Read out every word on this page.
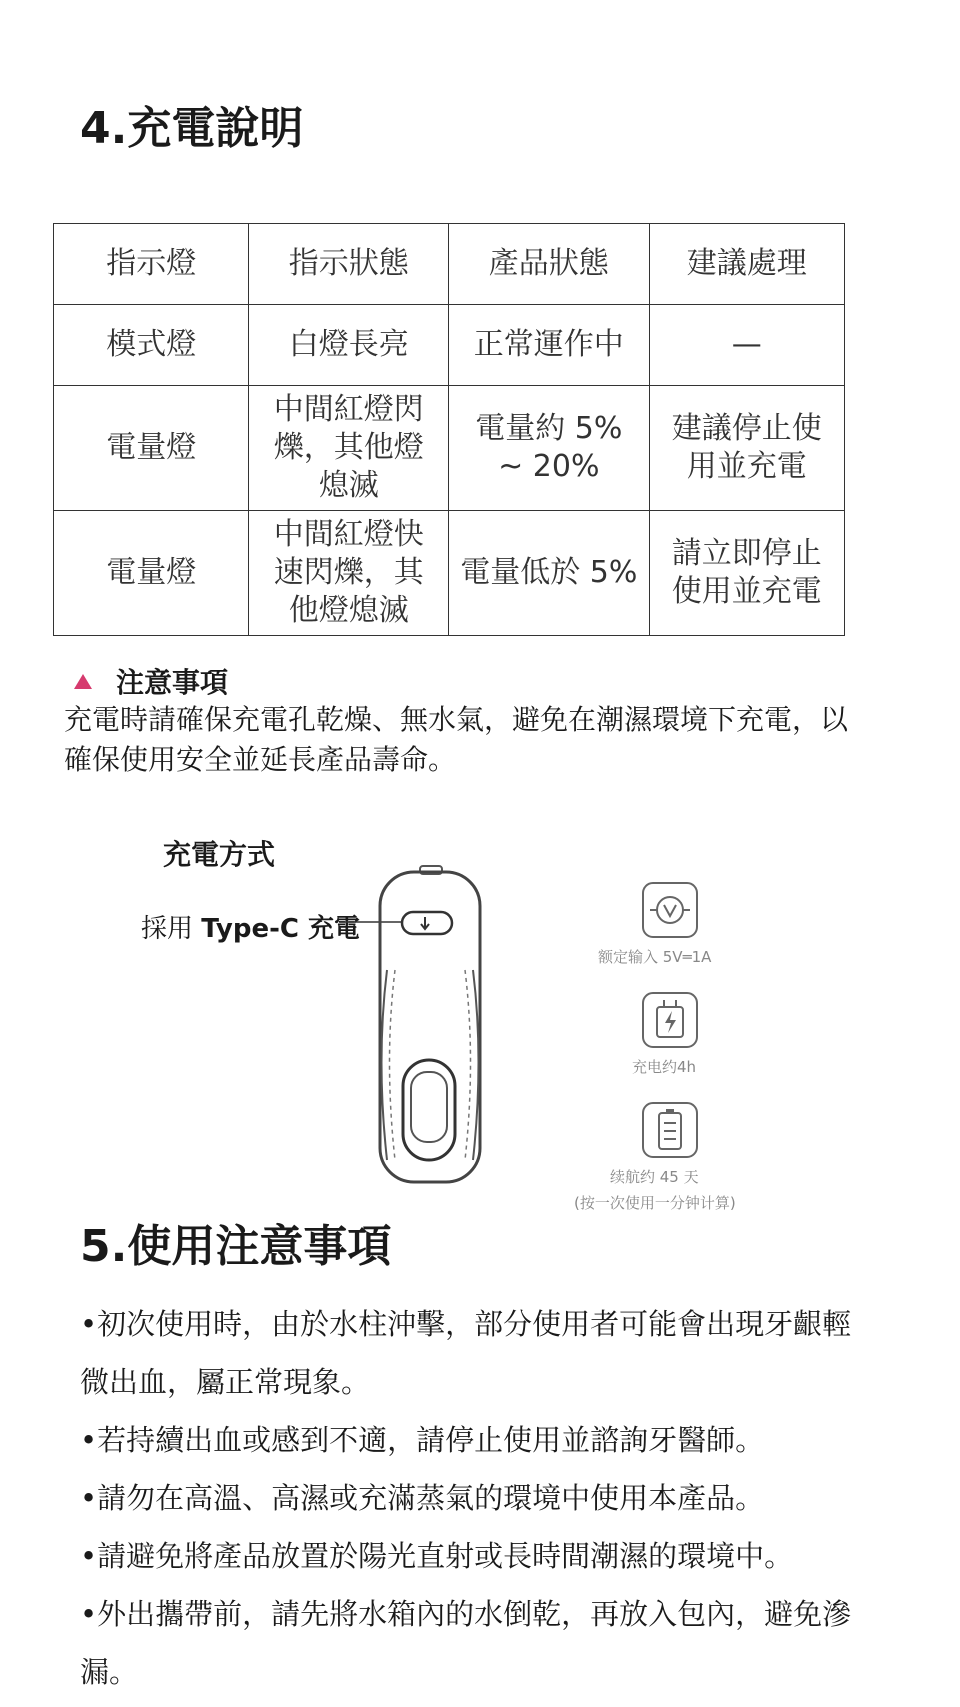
4.充電說明
指示燈	指示狀態	產品狀態	建議處理
模式燈	白燈長亮	正常運作中	—
電量燈	中間紅燈閃爍，其他燈熄滅	電量約 5% ~ 20%	建議停止使用並充電
電量燈	中間紅燈快速閃爍，其他燈熄滅	電量低於 5%	請立即停止使用並充電
注意事項

充電時請確保充電孔乾燥、無水氣，避免在潮濕環境下充電，以確保使用安全並延長產品壽命。

充電方式
採用 Type-C 充電
额定输入 5V═1A
充电约4h
续航约 45 天
(按一次使用一分钟计算)
5.使用注意事項
•初次使用時，由於水柱沖擊，部分使用者可能會出現牙齦輕微出血，屬正常現象。
•若持續出血或感到不適，請停止使用並諮詢牙醫師。
•請勿在高溫、高濕或充滿蒸氣的環境中使用本產品。
•請避免將產品放置於陽光直射或長時間潮濕的環境中。
•外出攜帶前，請先將水箱內的水倒乾，再放入包內，避免滲漏。
